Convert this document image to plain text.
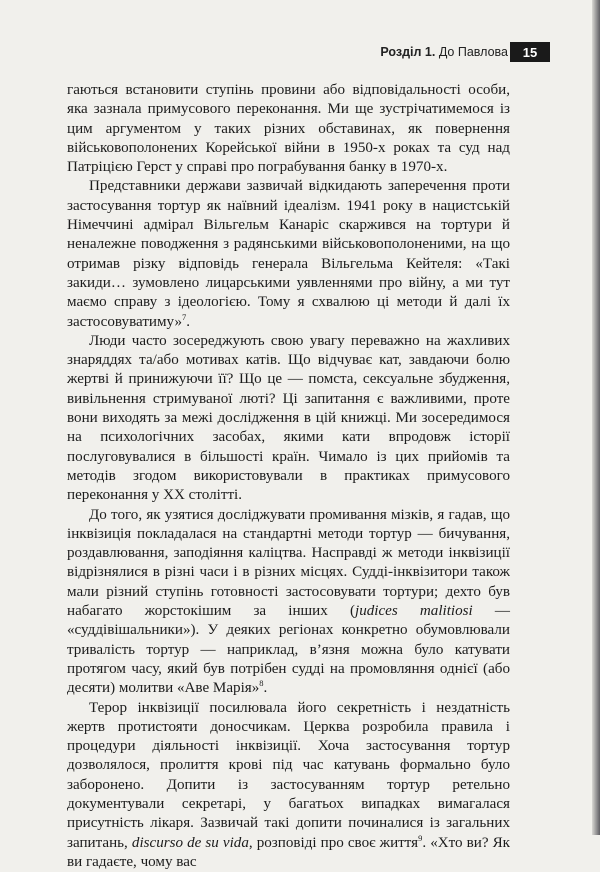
Розділ 1. До Павлова	15

гаються встановити ступінь провини або відповідальності особи, яка зазнала примусового переконання. Ми ще зустрічатимемося із цим аргументом у таких різних обставинах, як повернення військовополонених Корейської війни в 1950-х роках та суд над Патріцією Герст у справі про пограбування банку в 1970-х.

Представники держави зазвичай відкидають заперечення проти застосування тортур як наївний ідеалізм. 1941 року в нацистській Німеччині адмірал Вільгельм Канаріс скаржився на тортури й неналежне поводження з радянськими військовополоненими, на що отримав різку відповідь генерала Вільгельма Кейтеля: «Такі закиди… зумовлено лицарськими уявленнями про війну, а ми тут маємо справу з ідеологією. Тому я схвалюю ці методи й далі їх застосовуватиму»$^7$.

Люди часто зосереджують свою увагу переважно на жахливих знаряддях та/або мотивах катів. Що відчуває кат, завдаючи болю жертві й принижуючи її? Що це — помста, сексуальне збудження, вивільнення стримуваної люті? Ці запитання є важливими, проте вони виходять за межі дослідження в цій книжці. Ми зосередимося на психологічних засобах, якими кати впродовж історії послуговувалися в більшості країн. Чимало із цих прийомів та методів згодом використовували в практиках примусового переконання у XX столітті.

До того, як узятися досліджувати промивання мізків, я гадав, що інквізиція покладалася на стандартні методи тортур — бичування, роздавлювання, заподіяння каліцтва. Насправді ж методи інквізиції відрізнялися в різні часи і в різних місцях. Судді-інквізитори також мали різний ступінь готовності застосовувати тортури; дехто був набагато жорстокішим за інших (judices malitiosi — «суддівішальники»). У деяких регіонах конкретно обумовлювали тривалість тортур — наприклад, в’язня можна було катувати протягом часу, який був потрібен судді на промовляння однієї (або десяти) молитви «Аве Марія»$^8$.

Терор інквізиції посилювала його секретність і нездатність жертв протистояти доносчикам. Церква розробила правила і процедури діяльності інквізиції. Хоча застосування тортур дозволялося, пролиття крові під час катувань формально було заборонено. Допити із застосуванням тортур ретельно документували секретарі, у багатьох випадках вимагалася присутність лікаря. Зазвичай такі допити починалися із загальних запитань, discurso de su vida, розповіді про своє життя$^9$. «Хто ви? Як ви гадаєте, чому вас
